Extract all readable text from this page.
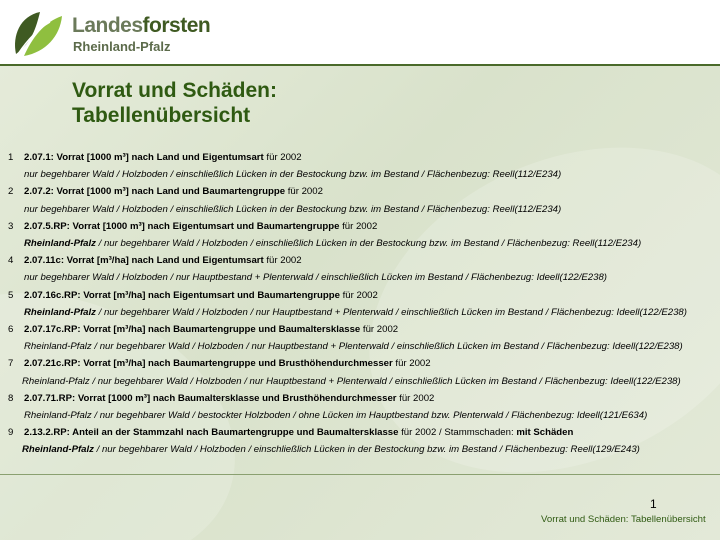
Landesforsten
Rheinland-Pfalz
Vorrat und Schäden:
Tabellenübersicht
1	2.07.1: Vorrat [1000 m³] nach Land und Eigentumsart für 2002
nur begehbarer Wald / Holzboden / einschließlich Lücken in der Bestockung bzw. im Bestand / Flächenbezug: Reell(112/E234)
2	2.07.2: Vorrat [1000 m³] nach Land und Baumartengruppe für 2002
nur begehbarer Wald / Holzboden / einschließlich Lücken in der Bestockung bzw. im Bestand / Flächenbezug: Reell(112/E234)
3	2.07.5.RP: Vorrat [1000 m³] nach Eigentumsart und Baumartengruppe für 2002
Rheinland-Pfalz / nur begehbarer Wald / Holzboden / einschließlich Lücken in der Bestockung bzw. im Bestand / Flächenbezug: Reell(112/E234)
4	2.07.11c: Vorrat [m³/ha] nach Land und Eigentumsart für 2002
nur begehbarer Wald / Holzboden / nur Hauptbestand + Plenterwald / einschließlich Lücken im Bestand / Flächenbezug: Ideell(122/E238)
5	2.07.16c.RP: Vorrat [m³/ha] nach Eigentumsart und Baumartengruppe für 2002
Rheinland-Pfalz / nur begehbarer Wald / Holzboden / nur Hauptbestand + Plenterwald / einschließlich Lücken im Bestand / Flächenbezug: Ideell(122/E238)
6	2.07.17c.RP: Vorrat [m³/ha] nach Baumartengruppe und Baumaltersklasse für 2002
Rheinland-Pfalz / nur begehbarer Wald / Holzboden / nur Hauptbestand + Plenterwald / einschließlich Lücken im Bestand / Flächenbezug: Ideell(122/E238)
7	2.07.21c.RP: Vorrat [m³/ha] nach Baumartengruppe und Brusthöhendurchmesser für 2002
Rheinland-Pfalz / nur begehbarer Wald / Holzboden / nur Hauptbestand + Plenterwald / einschließlich Lücken im Bestand / Flächenbezug: Ideell(122/E238)
8	2.07.71.RP: Vorrat [1000 m³] nach Baumaltersklasse und Brusthöhendurchmesser für 2002
Rheinland-Pfalz / nur begehbarer Wald / bestockter Holzboden / ohne Lücken im Hauptbestand bzw. Plenterwald / Flächenbezug: Ideell(121/E634)
9	2.13.2.RP: Anteil an der Stammzahl nach Baumartengruppe und Baumaltersklasse für 2002 / Stammschaden: mit Schäden
Rheinland-Pfalz / nur begehbarer Wald / Holzboden / einschließlich Lücken in der Bestockung bzw. im Bestand / Flächenbezug: Reell(129/E243)
1
Vorrat und Schäden: Tabellenübersicht
